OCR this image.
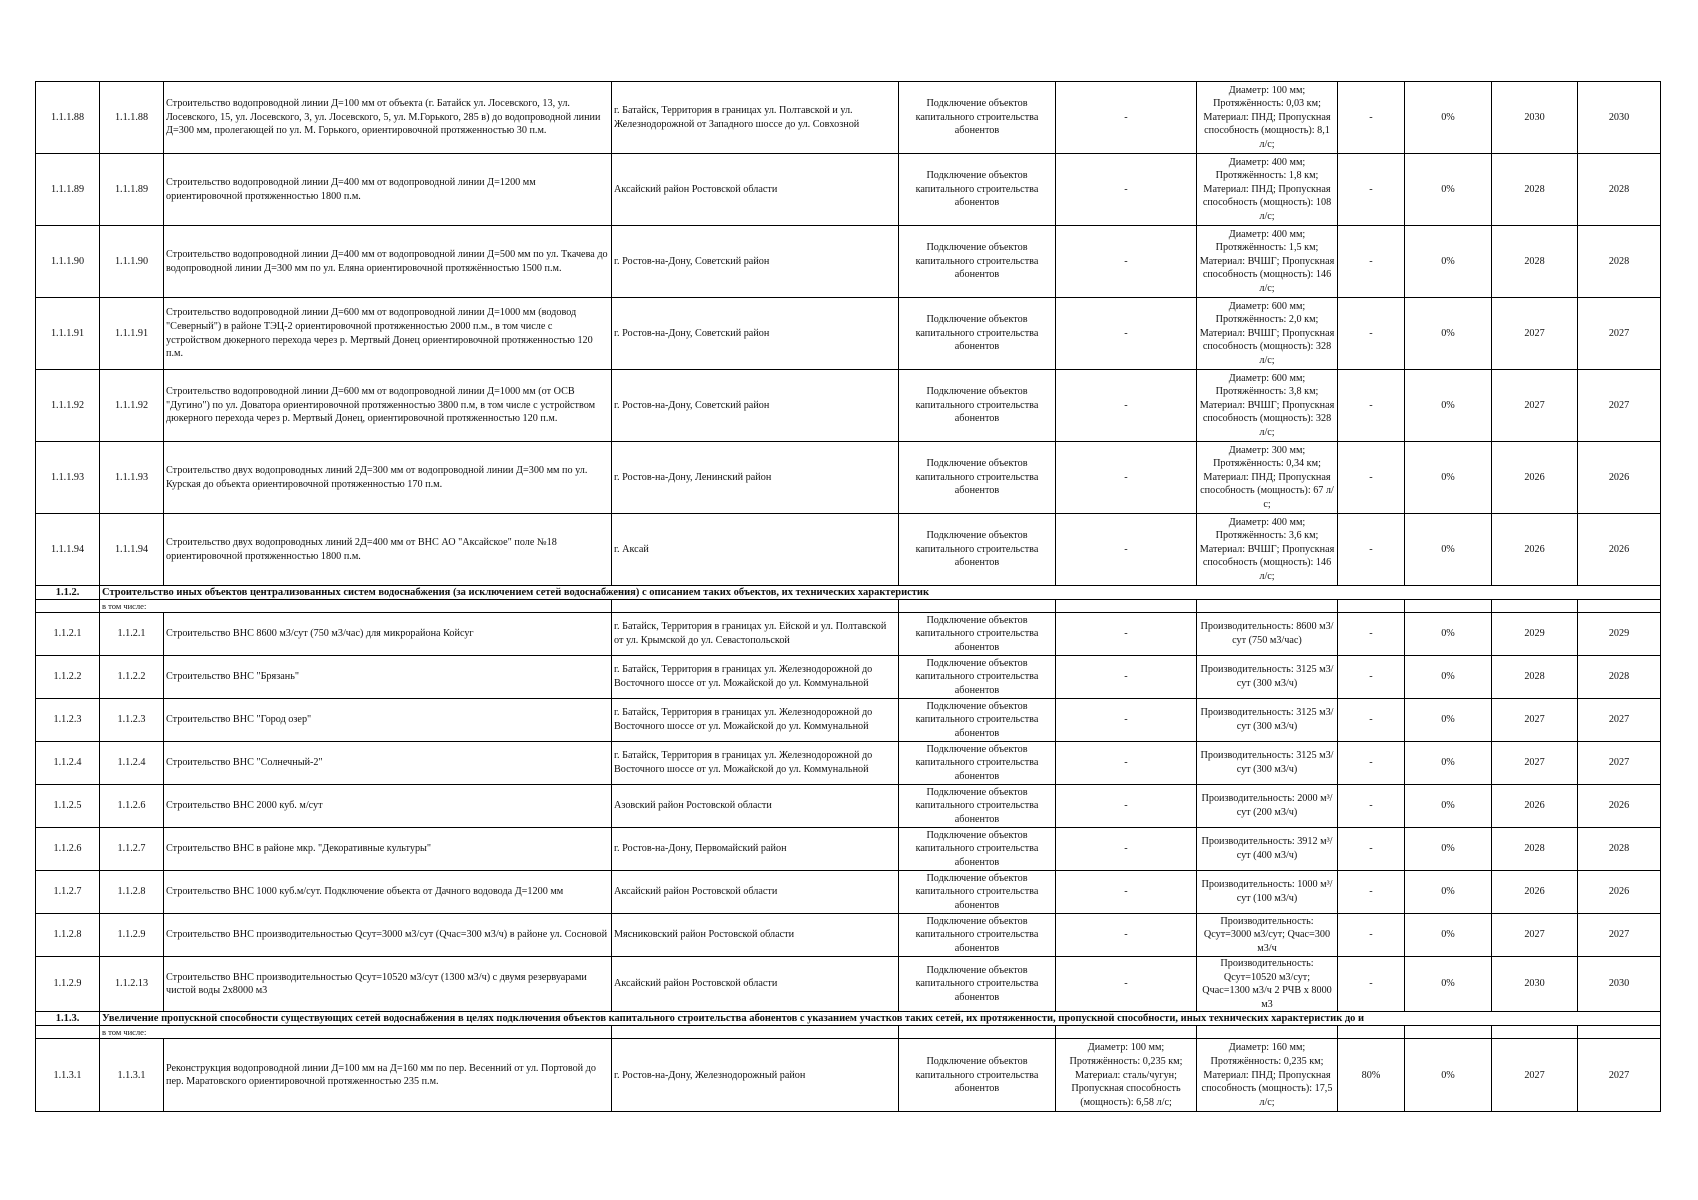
1.1.1.88	1.1.1.88	Строительство водопроводной линии Д=100 мм от объекта (г. Батайск ул. Лосевского, 13, ул. Лосевского, 15, ул. Лосевского, 3, ул. Лосевского, 5, ул. М.Горького, 285 в) до водопроводной линии Д=300 мм, пролегающей по ул. М. Горького, ориентировочной протяженностью 30 п.м.	г. Батайск, Территория в границах ул. Полтавской и ул. Железнодорожной от Западного шоссе до ул. Совхозной	Подключение объектов капитального строительства абонентов	-	Диаметр: 100 мм; Протяжённость: 0,03 км; Материал: ПНД; Пропускная способность (мощность): 8,1 л/с;	-	0%	2030	2030
1.1.1.89	1.1.1.89	Строительство водопроводной линии Д=400 мм от водопроводной линии Д=1200 мм ориентировочной протяженностью 1800 п.м.	Аксайский район Ростовской области	Подключение объектов капитального строительства абонентов	-	Диаметр: 400 мм; Протяжённость: 1,8 км; Материал: ПНД; Пропускная способность (мощность): 108 л/с;	-	0%	2028	2028
1.1.1.90	1.1.1.90	Строительство водопроводной линии Д=400 мм от водопроводной линии Д=500 мм по ул. Ткачева до водопроводной линии Д=300 мм по ул. Еляна ориентировочной протяжённостью 1500 п.м.	г. Ростов-на-Дону, Советский район	Подключение объектов капитального строительства абонентов	-	Диаметр: 400 мм; Протяжённость: 1,5 км; Материал: ВЧШГ; Пропускная способность (мощность): 146 л/с;	-	0%	2028	2028
1.1.1.91	1.1.1.91	Строительство водопроводной линии Д=600 мм от водопроводной линии Д=1000 мм (водовод "Северный") в районе ТЭЦ-2 ориентировочной протяженностью 2000 п.м., в том числе с устройством дюкерного перехода через р. Мертвый Донец ориентировочной протяженностью 120 п.м.	г. Ростов-на-Дону, Советский район	Подключение объектов капитального строительства абонентов	-	Диаметр: 600 мм; Протяжённость: 2,0 км; Материал: ВЧШГ; Пропускная способность (мощность): 328 л/с;	-	0%	2027	2027
1.1.1.92	1.1.1.92	Строительство водопроводной линии Д=600 мм от водопроводной линии Д=1000 мм (от ОСВ "Дугино") по ул. Доватора ориентировочной протяженностью 3800 п.м, в том числе с устройством дюкерного перехода через р. Мертвый Донец, ориентировочной протяженностью 120 п.м.	г. Ростов-на-Дону, Советский район	Подключение объектов капитального строительства абонентов	-	Диаметр: 600 мм; Протяжённость: 3,8 км; Материал: ВЧШГ; Пропускная способность (мощность): 328 л/с;	-	0%	2027	2027
1.1.1.93	1.1.1.93	Строительство двух водопроводных линий 2Д=300 мм от водопроводной линии Д=300 мм по ул. Курская до объекта ориентировочной протяженностью 170 п.м.	г. Ростов-на-Дону, Ленинский район	Подключение объектов капитального строительства абонентов	-	Диаметр: 300 мм; Протяжённость: 0,34 км; Материал: ПНД; Пропускная способность (мощность): 67 л/с;	-	0%	2026	2026
1.1.1.94	1.1.1.94	Строительство двух водопроводных линий 2Д=400 мм от ВНС АО "Аксайское" поле №18 ориентировочной протяженностью 1800 п.м.	г. Аксай	Подключение объектов капитального строительства абонентов	-	Диаметр: 400 мм; Протяжённость: 3,6 км; Материал: ВЧШГ; Пропускная способность (мощность): 146 л/с;	-	0%	2026	2026
1.1.2.	Строительство иных объектов централизованных систем водоснабжения (за исключением сетей водоснабжения) с описанием таких объектов, их технических характеристик									
	в том числе:									
1.1.2.1	1.1.2.1	Строительство ВНС 8600 м3/сут (750 м3/час) для микрорайона Койсуг	г. Батайск, Территория в границах ул. Ейской и ул. Полтавской от ул. Крымской до ул. Севастопольской	Подключение объектов капитального строительства абонентов	-	Производительность: 8600 м3/сут (750 м3/час)	-	0%	2029	2029
1.1.2.2	1.1.2.2	Строительство ВНС "Брязань"	г. Батайск, Территория в границах ул. Железнодорожной до Восточного шоссе от ул. Можайской до ул. Коммунальной	Подключение объектов капитального строительства абонентов	-	Производительность: 3125 м3/сут (300 м3/ч)	-	0%	2028	2028
1.1.2.3	1.1.2.3	Строительство ВНС "Город озер"	г. Батайск, Территория в границах ул. Железнодорожной до Восточного шоссе от ул. Можайской до ул. Коммунальной	Подключение объектов капитального строительства абонентов	-	Производительность: 3125 м3/сут (300 м3/ч)	-	0%	2027	2027
1.1.2.4	1.1.2.4	Строительство ВНС "Солнечный-2"	г. Батайск, Территория в границах ул. Железнодорожной до Восточного шоссе от ул. Можайской до ул. Коммунальной	Подключение объектов капитального строительства абонентов	-	Производительность: 3125 м3/сут (300 м3/ч)	-	0%	2027	2027
1.1.2.5	1.1.2.6	Строительство ВНС 2000 куб. м/сут	Азовский район Ростовской области	Подключение объектов капитального строительства абонентов	-	Производительность: 2000 м³/сут (200 м3/ч)	-	0%	2026	2026
1.1.2.6	1.1.2.7	Строительство ВНС в районе мкр. "Декоративные культуры"	г. Ростов-на-Дону, Первомайский район	Подключение объектов капитального строительства абонентов	-	Производительность: 3912 м³/сут (400 м3/ч)	-	0%	2028	2028
1.1.2.7	1.1.2.8	Строительство ВНС 1000 куб.м/сут. Подключение объекта от Дачного водовода Д=1200 мм	Аксайский район Ростовской области	Подключение объектов капитального строительства абонентов	-	Производительность: 1000 м³/сут (100 м3/ч)	-	0%	2026	2026
1.1.2.8	1.1.2.9	Строительство ВНС производительностью Qсут=3000 м3/сут (Qчас=300 м3/ч) в районе ул. Сосновой	Мясниковский район Ростовской области	Подключение объектов капитального строительства абонентов	-	Производительность: Qсут=3000 м3/сут; Qчас=300 м3/ч	-	0%	2027	2027
1.1.2.9	1.1.2.13	Строительство ВНС производительностью Qсут=10520 м3/сут (1300 м3/ч) с двумя резервуарами чистой воды 2х8000 м3	Аксайский район Ростовской области	Подключение объектов капитального строительства абонентов	-	Производительность: Qсут=10520 м3/сут; Qчас=1300 м3/ч 2 РЧВ х 8000 м3	-	0%	2030	2030
1.1.3.	Увеличение пропускной способности существующих сетей водоснабжения в целях подключения объектов капитального строительства абонентов с указанием участков таких сетей, их протяженности, пропускной способности, иных технических характеристик до и									
	в том числе:									
1.1.3.1	1.1.3.1	Реконструкция водопроводной линии Д=100 мм на Д=160 мм по пер. Весенний от ул. Портовой до пер. Маратовского ориентировочной протяженностью 235 п.м.	г. Ростов-на-Дону, Железнодорожный район	Подключение объектов капитального строительства абонентов	Диаметр: 100 мм; Протяжённость: 0,235 км; Материал: сталь/чугун; Пропускная способность (мощность): 6,58 л/с;	Диаметр: 160 мм; Протяжённость: 0,235 км; Материал: ПНД; Пропускная способность (мощность): 17,5 л/с;	80%	0%	2027	2027
